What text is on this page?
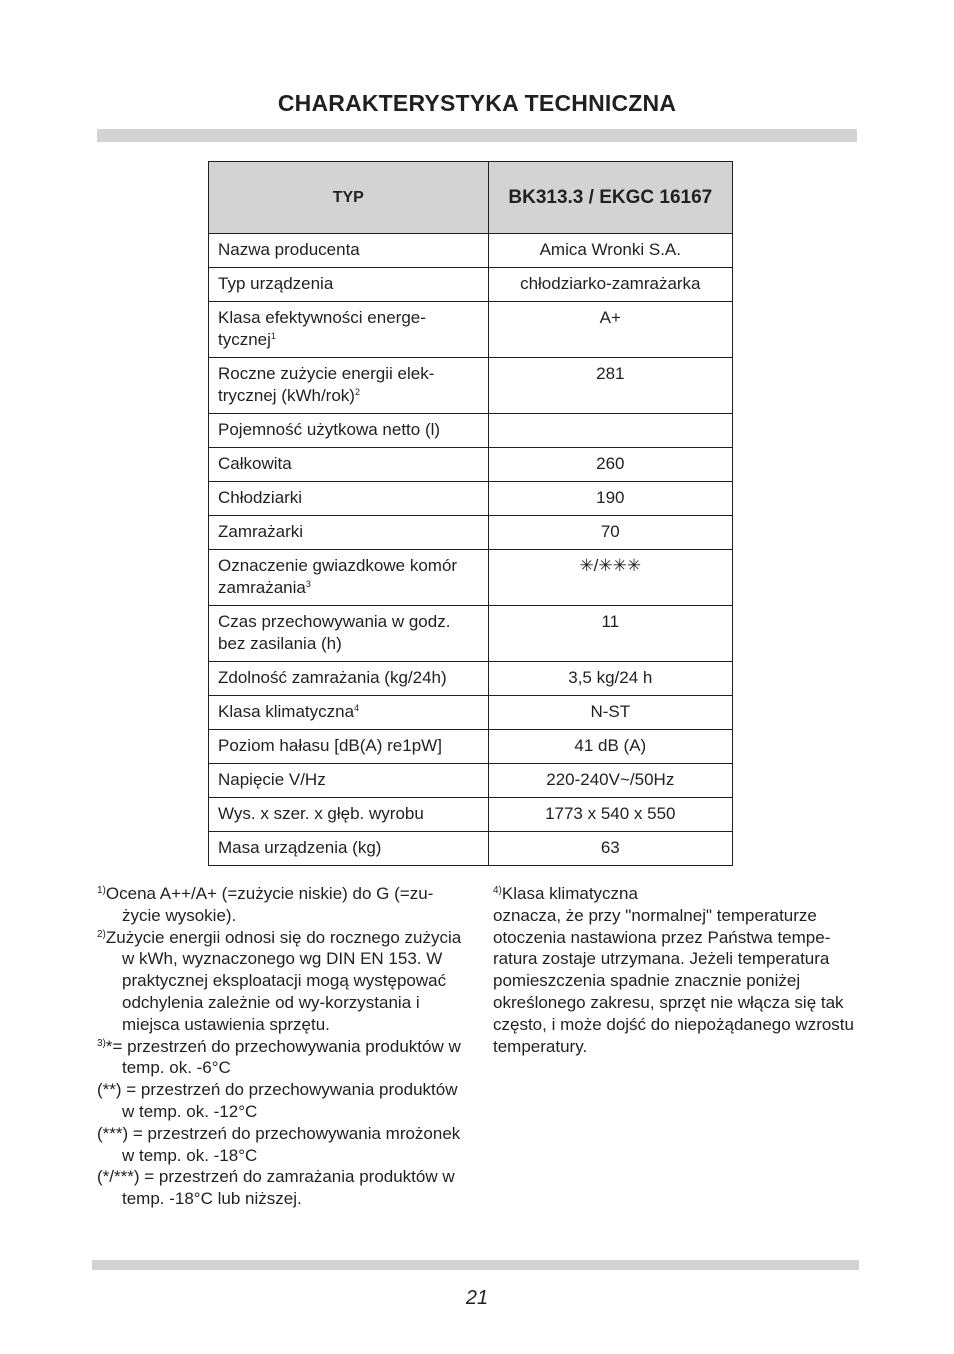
CHARAKTERYSTYKA TECHNICZNA
TYP	BK313.3 / EKGC 16167
Nazwa producenta	Amica Wronki S.A.
Typ urządzenia	chłodziarko-zamrażarka
Klasa efektywności energe-tycznej$^1$	A+
Roczne zużycie energii elek-trycznej $(kWh/rok)^2$	281
Pojemność użytkowa netto (l)	
Całkowita	260
Chłodziarki	190
Zamrażarki	70
Oznaczenie gwiazdkowe komór zamrażania$^3$	✳/✳✳✳
Czas przechowywania w godz. bez zasilania (h)	11
Zdolność zamrażania (kg/24h)	3,5 kg/24 h
Klasa klimatyczna$^4$	N-ST
Poziom hałasu [dB(A) re1pW]	41 dB (A)
Napięcie V/Hz	220-240V~/50Hz
Wys. x szer. x głęb. wyrobu	1773 x 540 x 550
Masa urządzenia (kg)	63

$^{1)}$Ocena A++/A+ (=zużycie niskie) do G (=zu-życie wysokie).

$^{2)}$Zużycie energii odnosi się do rocznego zużycia w kWh, wyznaczonego wg DIN EN 153. W praktycznej eksploatacji mogą występować odchylenia zależnie od wy-korzystania i miejsca ustawienia sprzętu.

$^{3)}$*= przestrzeń do przechowywania produktów w temp. ok. -6°C

(**) = przestrzeń do przechowywania produktów w temp. ok. -12°C

(***) = przestrzeń do przechowywania mrożonek w temp. ok. -18°C

(*/***) = przestrzeń do zamrażania produktów w temp. -18°C lub niższej.

$^{4)}$Klasa klimatyczna

oznacza, że przy "normalnej" temperaturze otoczenia nastawiona przez Państwa tempe-ratura zostaje utrzymana. Jeżeli temperatura pomieszczenia spadnie znacznie poniżej określonego zakresu, sprzęt nie włącza się tak często, i może dojść do niepożądanego wzrostu temperatury.

21
